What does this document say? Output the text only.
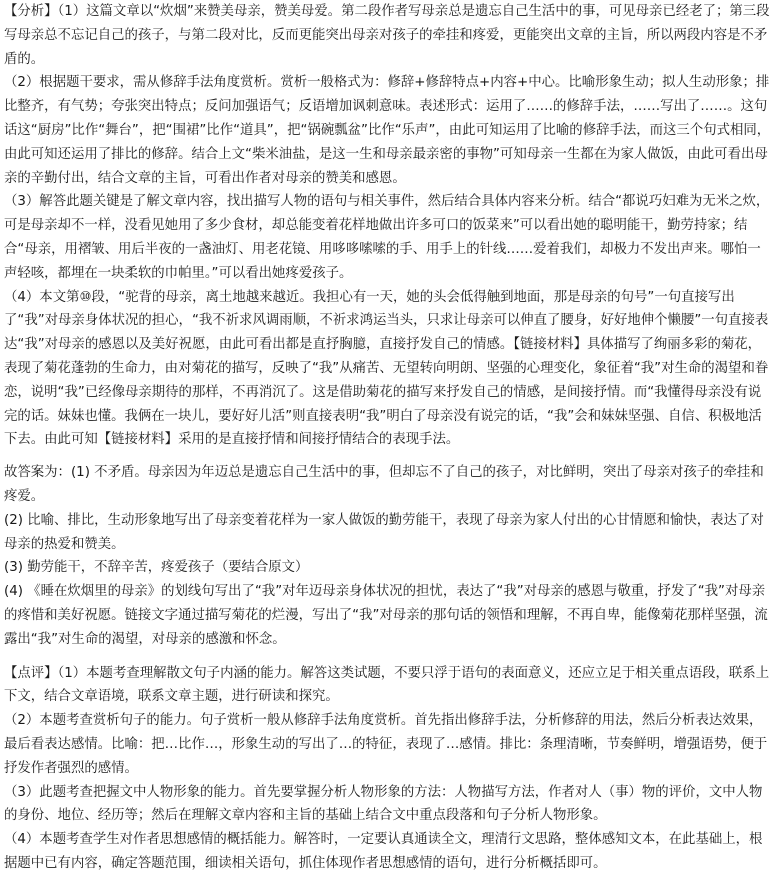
【分析】（1）这篇文章以“炊烟”来赞美母亲，赞美母爱。第二段作者写母亲总是遗忘自己生活中的事，可见母亲已经老了；第三段写母亲总不忘记自己的孩子，与第二段对比，反而更能突出母亲对孩子的牵挂和疼爱，更能突出文章的主旨，所以两段内容是不矛盾的。

（2）根据题干要求，需从修辞手法角度赏析。赏析一般格式为：修辞+修辞特点+内容+中心。比喻形象生动；拟人生动形象；排比整齐，有气势；夸张突出特点；反问加强语气；反语增加讽刺意味。表述形式：运用了……的修辞手法，……写出了……。这句话这“厨房”比作“舞台”，把“围裙”比作“道具”，把“锅碗瓢盆”比作“乐声”，由此可知运用了比喻的修辞手法，而这三个句式相同，由此可知还运用了排比的修辞。结合上文“柴米油盐，是这一生和母亲最亲密的事物”可知母亲一生都在为家人做饭，由此可看出母亲的辛勤付出，结合文章的主旨，可看出作者对母亲的赞美和感恩。

（3）解答此题关键是了解文章内容，找出描写人物的语句与相关事件，然后结合具体内容来分析。结合“都说巧妇难为无米之炊，可是母亲却不一样，没看见她用了多少食材，却总能变着花样地做出许多可口的饭菜来”可以看出她的聪明能干，勤劳持家；结合“母亲，用褶皱、用后半夜的一盏油灯、用老花镜、用哆哆嗦嗦的手、用手上的针线……爱着我们，却极力不发出声来。哪怕一声轻咳，都埋在一块柔软的巾帕里。”可以看出她疼爱孩子。

（4）本文第⑩段，“驼背的母亲，离土地越来越近。我担心有一天，她的头会低得触到地面，那是母亲的句号”一句直接写出了“我”对母亲身体状况的担心，“我不祈求风调雨顺，不祈求鸿运当头，只求让母亲可以伸直了腰身，好好地伸个懒腰”一句直接表达“我”对母亲的感恩以及美好祝愿，由此可看出都是直抒胸臆，直接抒发自己的情感。【链接材料】具体描写了绚丽多彩的菊花，表现了菊花蓬勃的生命力，由对菊花的描写，反映了“我”从痛苦、无望转向明朗、坚强的心理变化，象征着“我”对生命的渴望和眷恋，说明“我”已经像母亲期待的那样，不再消沉了。这是借助菊花的描写来抒发自己的情感，是间接抒情。而“我懂得母亲没有说完的话。妹妹也懂。我俩在一块儿，要好好儿活”则直接表明“我”明白了母亲没有说完的话，“我”会和妹妹坚强、自信、积极地活下去。由此可知【链接材料】采用的是直接抒情和间接抒情结合的表现手法。

故答案为：(1) 不矛盾。母亲因为年迈总是遗忘自己生活中的事，但却忘不了自己的孩子，对比鲜明，突出了母亲对孩子的牵挂和疼爱。

(2) 比喻、排比，生动形象地写出了母亲变着花样为一家人做饭的勤劳能干，表现了母亲为家人付出的心甘情愿和愉快，表达了对母亲的热爱和赞美。

(3) 勤劳能干，不辞辛苦，疼爱孩子（要结合原文）

(4) 《睡在炊烟里的母亲》的划线句写出了“我”对年迈母亲身体状况的担忧，表达了“我”对母亲的感恩与敬重，抒发了“我”对母亲的疼惜和美好祝愿。链接文字通过描写菊花的烂漫，写出了“我”对母亲的那句话的领悟和理解，不再自卑，能像菊花那样坚强，流露出“我”对生命的渴望，对母亲的感激和怀念。

【点评】（1）本题考查理解散文句子内涵的能力。解答这类试题，不要只浮于语句的表面意义，还应立足于相关重点语段，联系上下文，结合文章语境，联系文章主题，进行研读和探究。

（2）本题考查赏析句子的能力。句子赏析一般从修辞手法角度赏析。首先指出修辞手法，分析修辞的用法，然后分析表达效果，最后看表达感情。比喻：把…比作…，形象生动的写出了…的特征，表现了…感情。排比：条理清晰，节奏鲜明，增强语势，便于抒发作者强烈的感情。

（3）此题考查把握文中人物形象的能力。首先要掌握分析人物形象的方法：人物描写方法，作者对人（事）物的评价，文中人物的身份、地位、经历等；然后在理解文章内容和主旨的基础上结合文中重点段落和句子分析人物形象。

（4）本题考查学生对作者思想感情的概括能力。解答时，一定要认真通读全文，理清行文思路，整体感知文本，在此基础上，根据题中已有内容，确定答题范围，细读相关语句，抓住体现作者思想感情的语句，进行分析概括即可。
